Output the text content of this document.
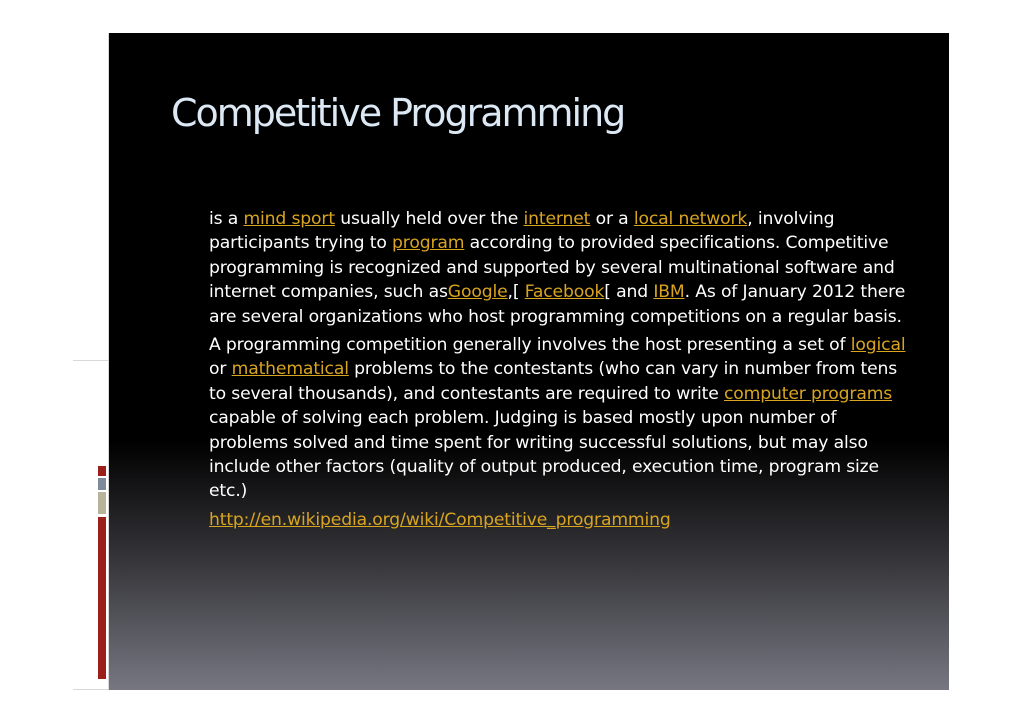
Competitive Programming

is a mind sport usually held over the internet or a local network, involving participants trying to program according to provided specifications. Competitive programming is recognized and supported by several multinational software and internet companies, such asGoogle,[ Facebook[ and IBM. As of January 2012 there are several organizations who host programming competitions on a regular basis.

A programming competition generally involves the host presenting a set of logical or mathematical problems to the contestants (who can vary in number from tens to several thousands), and contestants are required to write computer programs capable of solving each problem. Judging is based mostly upon number of problems solved and time spent for writing successful solutions, but may also include other factors (quality of output produced, execution time, program size etc.)

http://en.wikipedia.org/wiki/Competitive_programming
